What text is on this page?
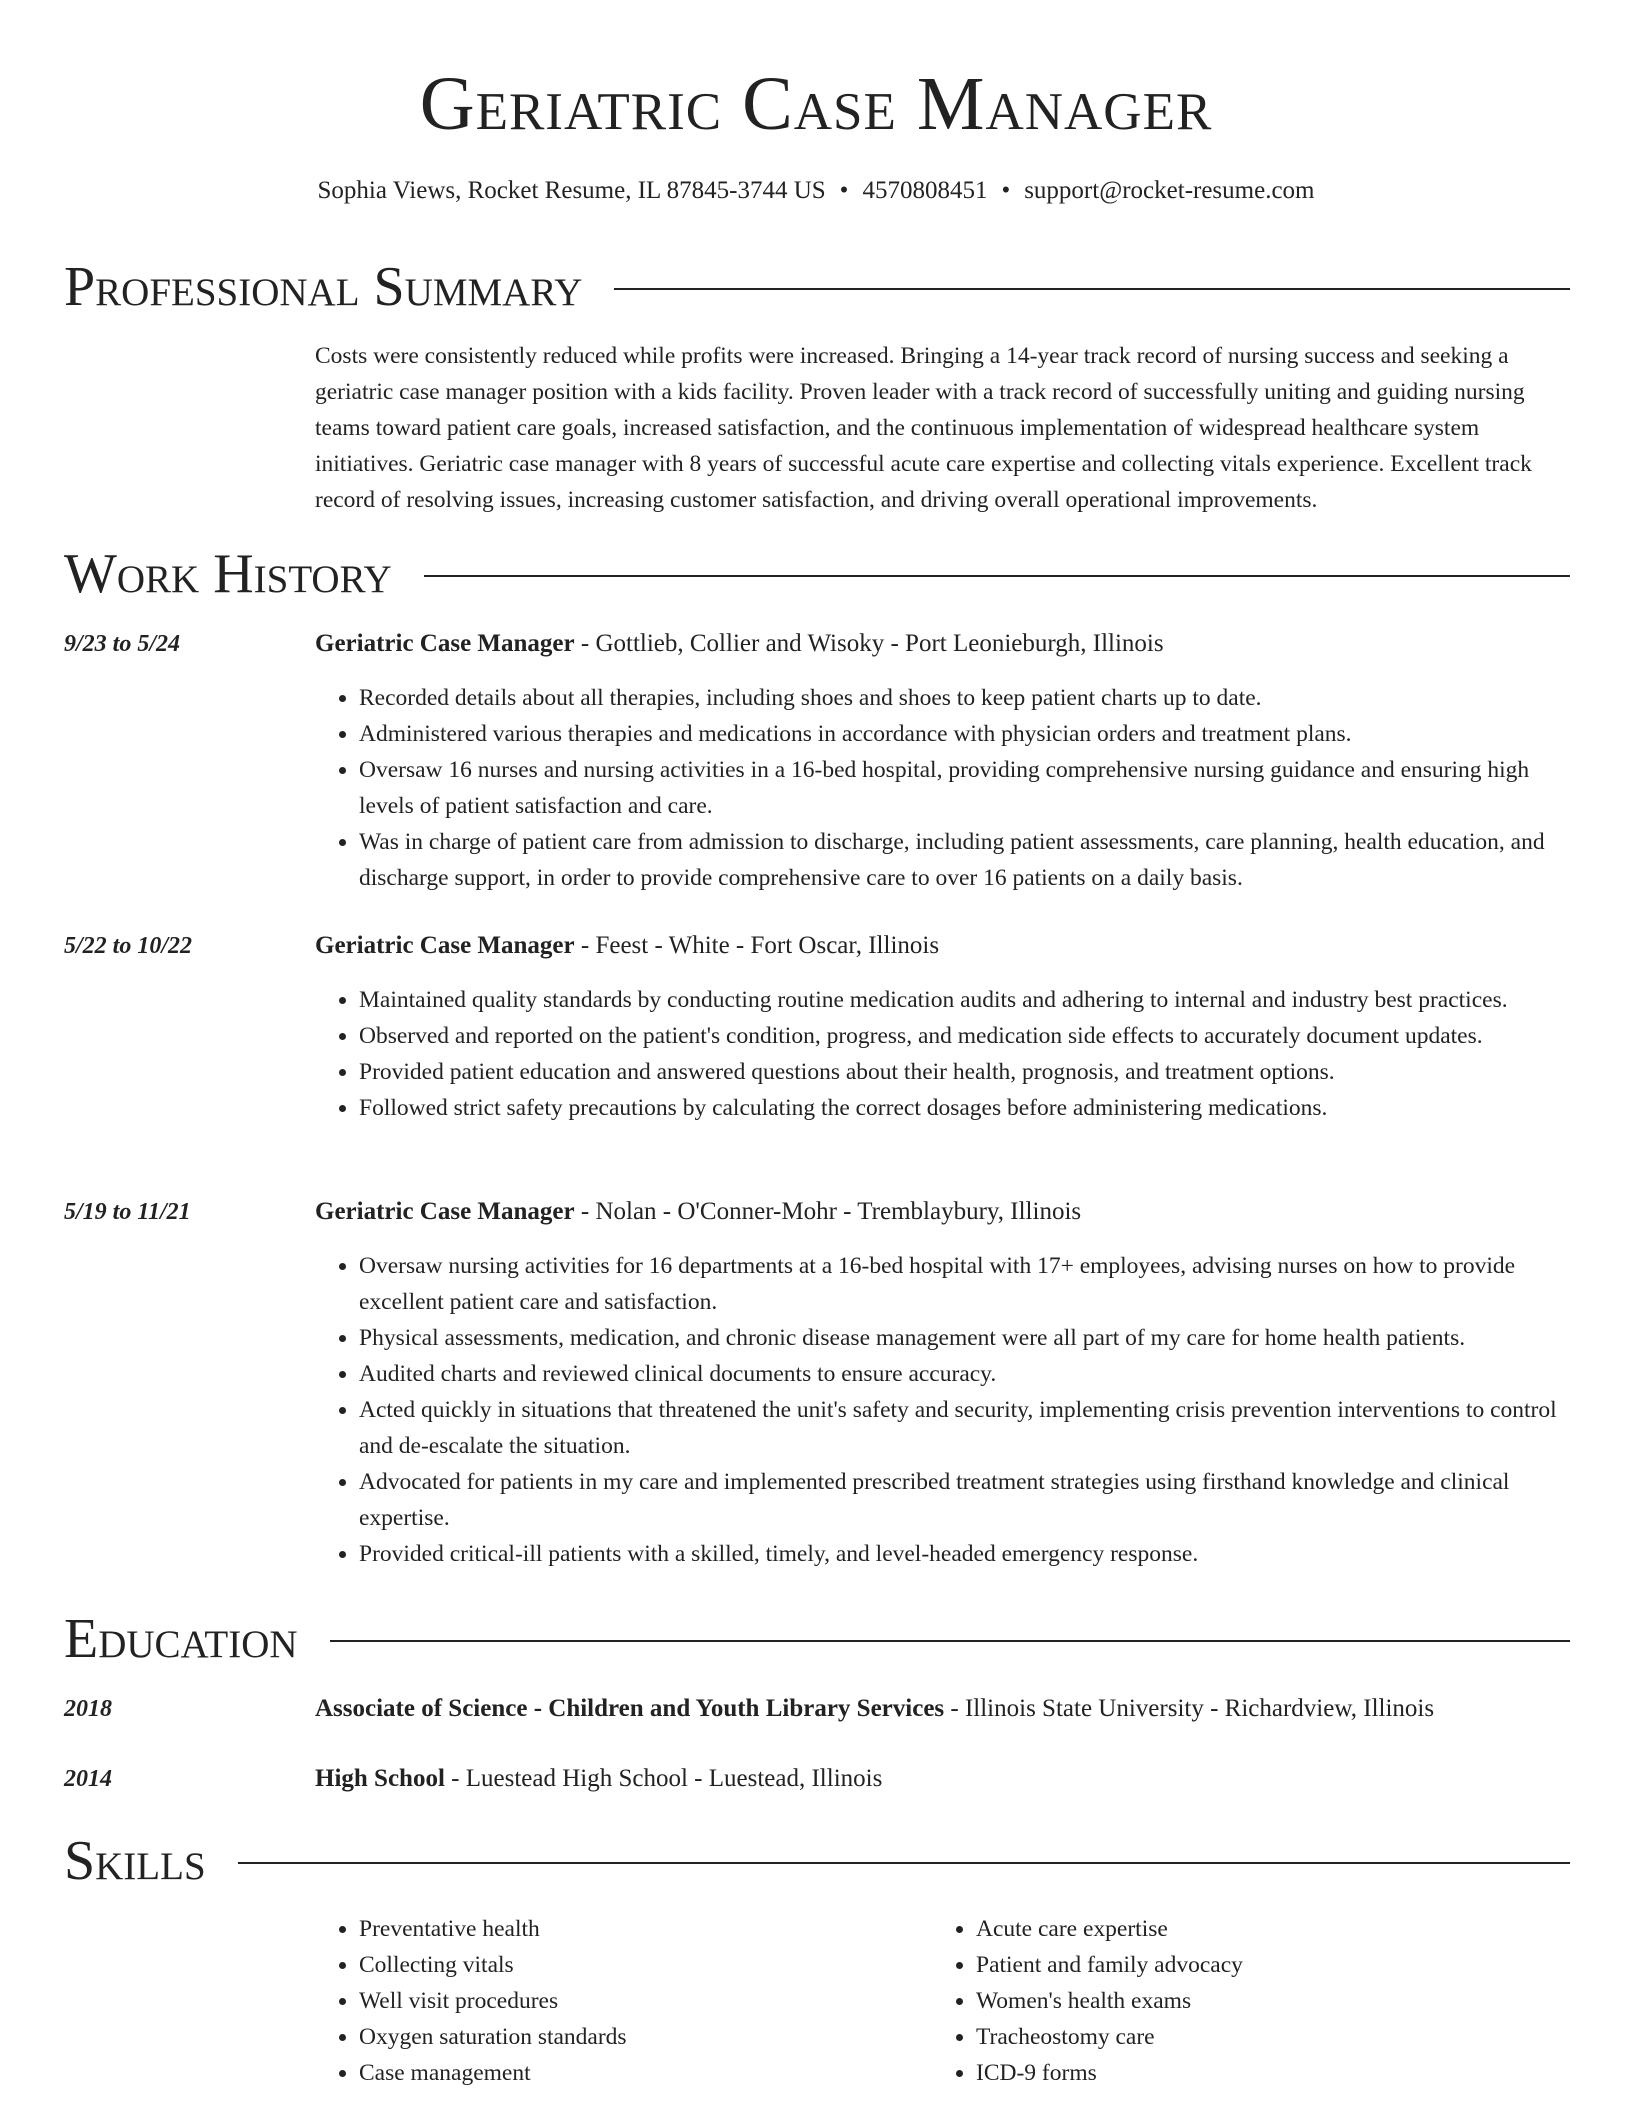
Geriatric Case Manager
Sophia Views, Rocket Resume, IL 87845-3744 US • 4570808451 • support@rocket-resume.com
Professional Summary
Costs were consistently reduced while profits were increased. Bringing a 14-year track record of nursing success and seeking a geriatric case manager position with a kids facility. Proven leader with a track record of successfully uniting and guiding nursing teams toward patient care goals, increased satisfaction, and the continuous implementation of widespread healthcare system initiatives. Geriatric case manager with 8 years of successful acute care expertise and collecting vitals experience. Excellent track record of resolving issues, increasing customer satisfaction, and driving overall operational improvements.
Work History
9/23 to 5/24	Geriatric Case Manager - Gottlieb, Collier and Wisoky - Port Leonieburgh, Illinois
• Recorded details about all therapies, including shoes and shoes to keep patient charts up to date.
• Administered various therapies and medications in accordance with physician orders and treatment plans.
• Oversaw 16 nurses and nursing activities in a 16-bed hospital, providing comprehensive nursing guidance and ensuring high levels of patient satisfaction and care.
• Was in charge of patient care from admission to discharge, including patient assessments, care planning, health education, and discharge support, in order to provide comprehensive care to over 16 patients on a daily basis.
5/22 to 10/22	Geriatric Case Manager - Feest - White - Fort Oscar, Illinois
• Maintained quality standards by conducting routine medication audits and adhering to internal and industry best practices.
• Observed and reported on the patient's condition, progress, and medication side effects to accurately document updates.
• Provided patient education and answered questions about their health, prognosis, and treatment options.
• Followed strict safety precautions by calculating the correct dosages before administering medications.
5/19 to 11/21	Geriatric Case Manager - Nolan - O'Conner-Mohr - Tremblaybury, Illinois
• Oversaw nursing activities for 16 departments at a 16-bed hospital with 17+ employees, advising nurses on how to provide excellent patient care and satisfaction.
• Physical assessments, medication, and chronic disease management were all part of my care for home health patients.
• Audited charts and reviewed clinical documents to ensure accuracy.
• Acted quickly in situations that threatened the unit's safety and security, implementing crisis prevention interventions to control and de-escalate the situation.
• Advocated for patients in my care and implemented prescribed treatment strategies using firsthand knowledge and clinical expertise.
• Provided critical-ill patients with a skilled, timely, and level-headed emergency response.
Education
2018	Associate of Science - Children and Youth Library Services - Illinois State University - Richardview, Illinois
2014	High School - Luestead High School - Luestead, Illinois
Skills
• Preventative health
• Collecting vitals
• Well visit procedures
• Oxygen saturation standards
• Case management
• Acute care expertise
• Patient and family advocacy
• Women's health exams
• Tracheostomy care
• ICD-9 forms
